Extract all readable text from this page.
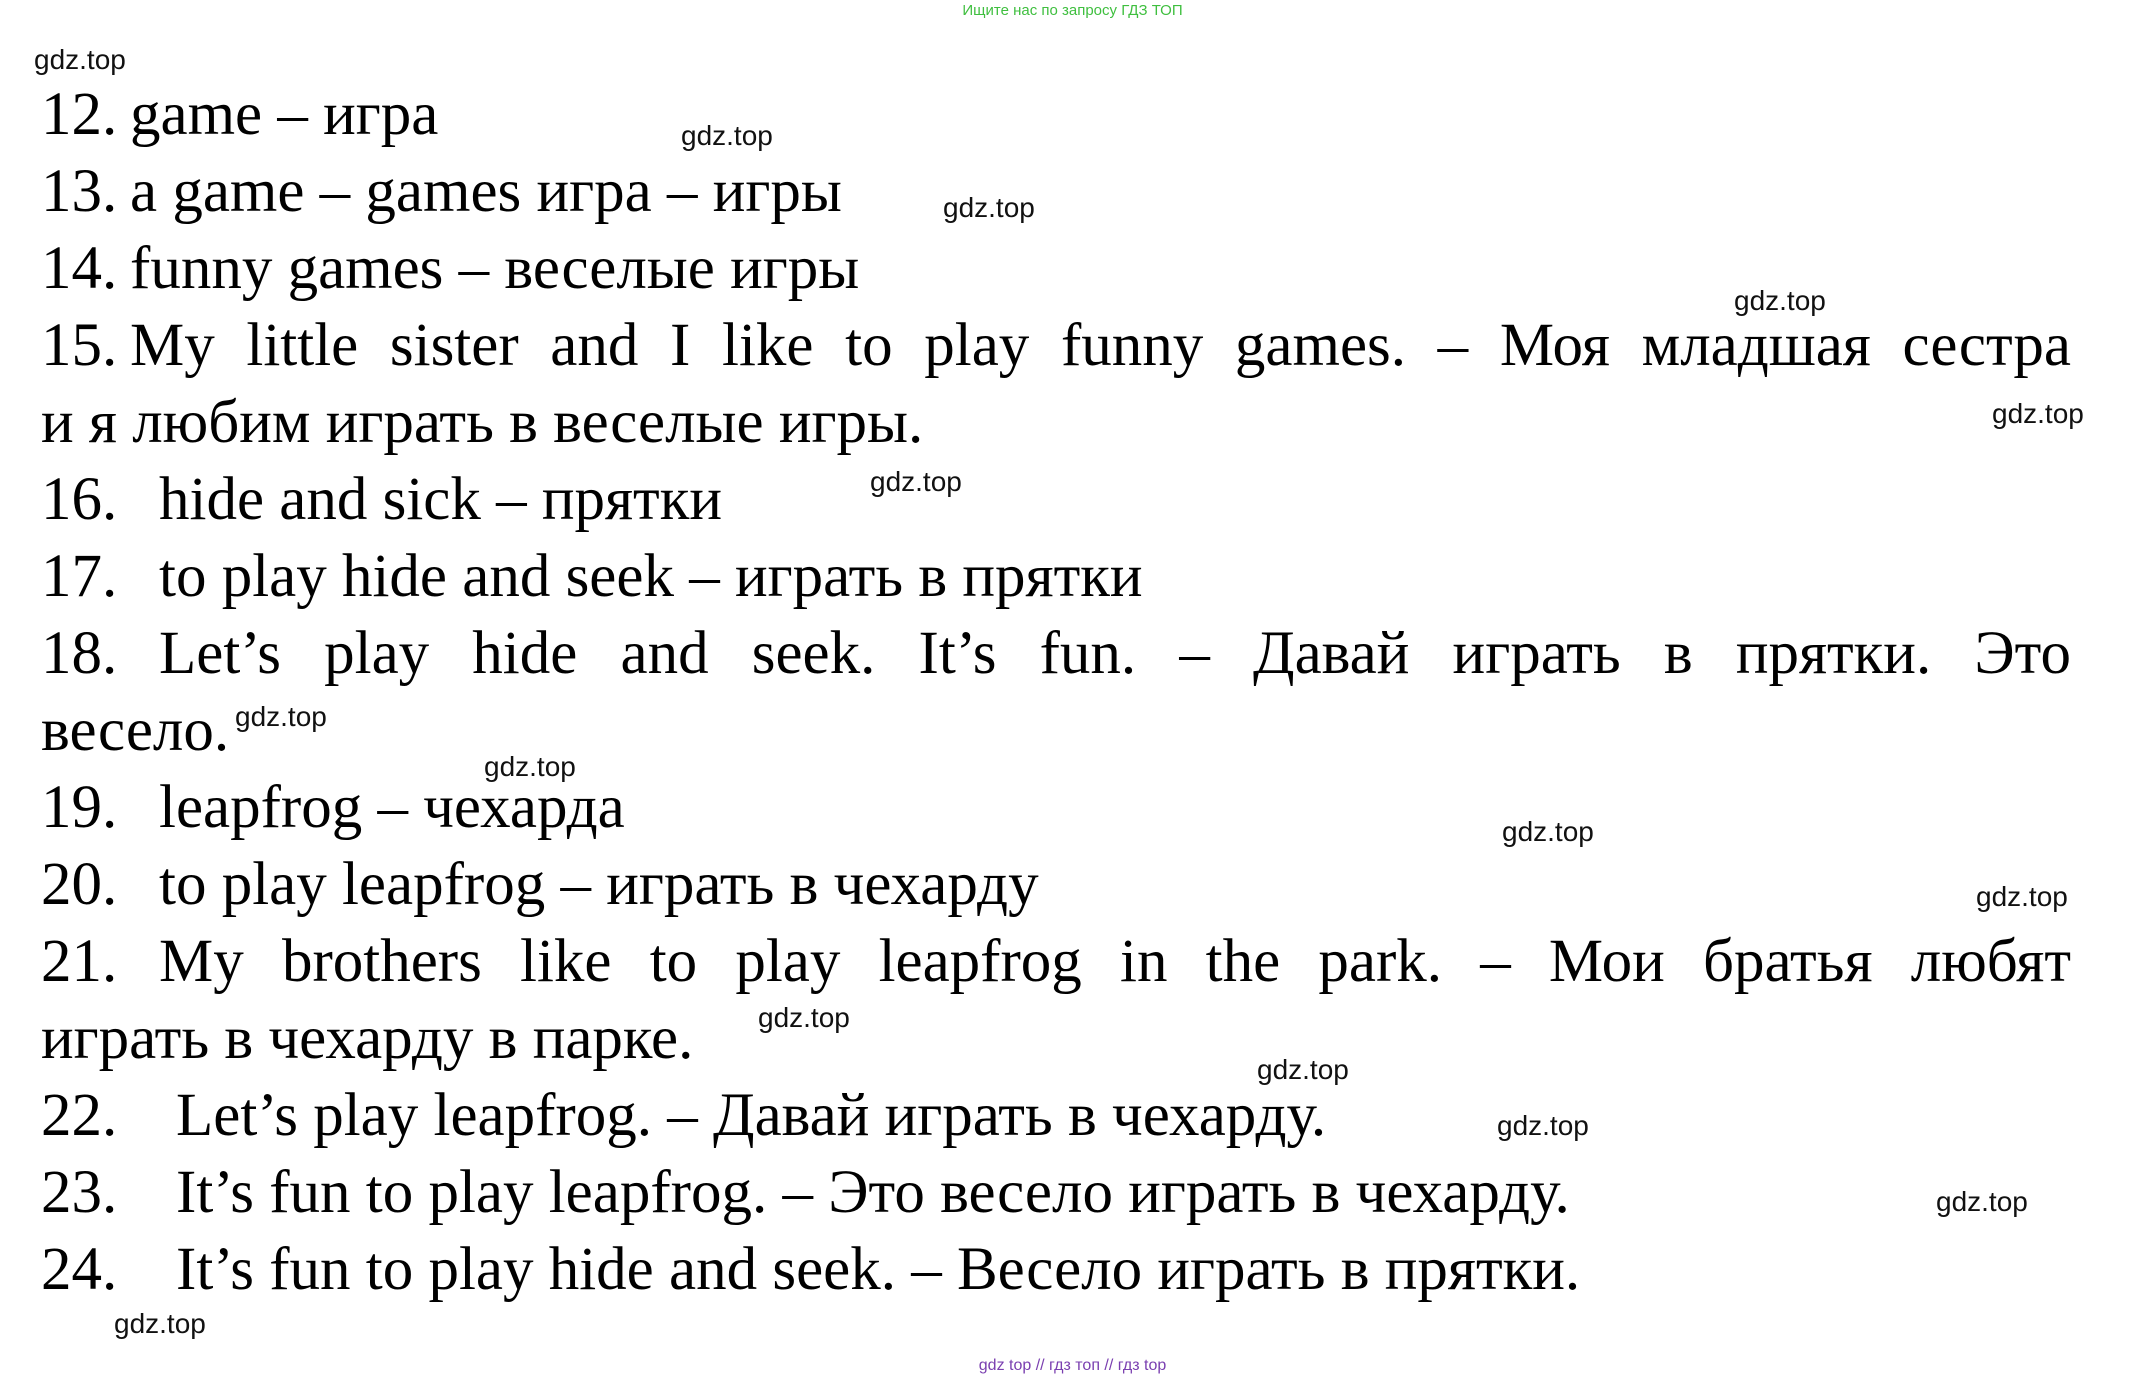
Ищите нас по запросу ГДЗ ТОП
12. game – игра
13. a game – games игра – игры
14. funny games – веселые игры
15. My little sister and I like to play funny games. – Моя младшая сестра
и я любим играть в веселые игры.
16. hide and sick – прятки
17. to play hide and seek – играть в прятки
18. Let’s play hide and seek. It’s fun. – Давай играть в прятки. Это
весело.
19. leapfrog – чехарда
20. to play leapfrog – играть в чехарду
21. My brothers like to play leapfrog in the park. – Мои братья любят
играть в чехарду в парке.
22. Let’s play leapfrog. – Давай играть в чехарду.
23. It’s fun to play leapfrog. – Это весело играть в чехарду.
24. It’s fun to play hide and seek. – Весело играть в прятки.
gdz.top
gdz.top
gdz.top
gdz.top
gdz.top
gdz.top
gdz.top
gdz.top
gdz.top
gdz.top
gdz.top
gdz.top
gdz.top
gdz.top
gdz.top
gdz top // гдз топ // гдз top
